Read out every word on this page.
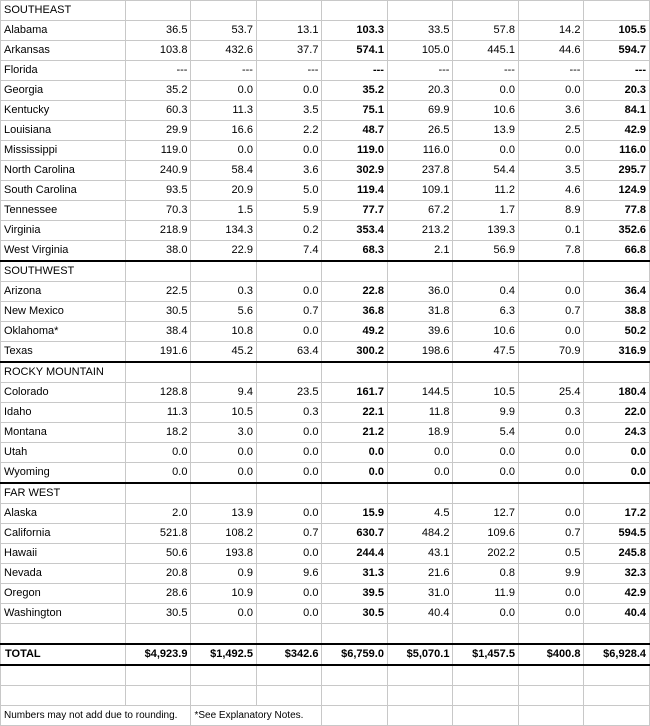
SOUTHEAST								
Alabama	36.5	53.7	13.1	103.3	33.5	57.8	14.2	105.5
Arkansas	103.8	432.6	37.7	574.1	105.0	445.1	44.6	594.7
Florida	---	---	---	---	---	---	---	---
Georgia	35.2	0.0	0.0	35.2	20.3	0.0	0.0	20.3
Kentucky	60.3	11.3	3.5	75.1	69.9	10.6	3.6	84.1
Louisiana	29.9	16.6	2.2	48.7	26.5	13.9	2.5	42.9
Mississippi	119.0	0.0	0.0	119.0	116.0	0.0	0.0	116.0
North Carolina	240.9	58.4	3.6	302.9	237.8	54.4	3.5	295.7
South Carolina	93.5	20.9	5.0	119.4	109.1	11.2	4.6	124.9
Tennessee	70.3	1.5	5.9	77.7	67.2	1.7	8.9	77.8
Virginia	218.9	134.3	0.2	353.4	213.2	139.3	0.1	352.6
West Virginia	38.0	22.9	7.4	68.3	2.1	56.9	7.8	66.8
SOUTHWEST								
Arizona	22.5	0.3	0.0	22.8	36.0	0.4	0.0	36.4
New Mexico	30.5	5.6	0.7	36.8	31.8	6.3	0.7	38.8
Oklahoma*	38.4	10.8	0.0	49.2	39.6	10.6	0.0	50.2
Texas	191.6	45.2	63.4	300.2	198.6	47.5	70.9	316.9
ROCKY MOUNTAIN								
Colorado	128.8	9.4	23.5	161.7	144.5	10.5	25.4	180.4
Idaho	11.3	10.5	0.3	22.1	11.8	9.9	0.3	22.0
Montana	18.2	3.0	0.0	21.2	18.9	5.4	0.0	24.3
Utah	0.0	0.0	0.0	0.0	0.0	0.0	0.0	0.0
Wyoming	0.0	0.0	0.0	0.0	0.0	0.0	0.0	0.0
FAR WEST								
Alaska	2.0	13.9	0.0	15.9	4.5	12.7	0.0	17.2
California	521.8	108.2	0.7	630.7	484.2	109.6	0.7	594.5
Hawaii	50.6	193.8	0.0	244.4	43.1	202.2	0.5	245.8
Nevada	20.8	0.9	9.6	31.3	21.6	0.8	9.9	32.3
Oregon	28.6	10.9	0.0	39.5	31.0	11.9	0.0	42.9
Washington	30.5	0.0	0.0	30.5	40.4	0.0	0.0	40.4

TOTAL	$4,923.9	$1,492.5	$342.6	$6,759.0	$5,070.1	$1,457.5	$400.8	$6,928.4

Numbers may not add due to rounding.		*See Explanatory Notes.						
